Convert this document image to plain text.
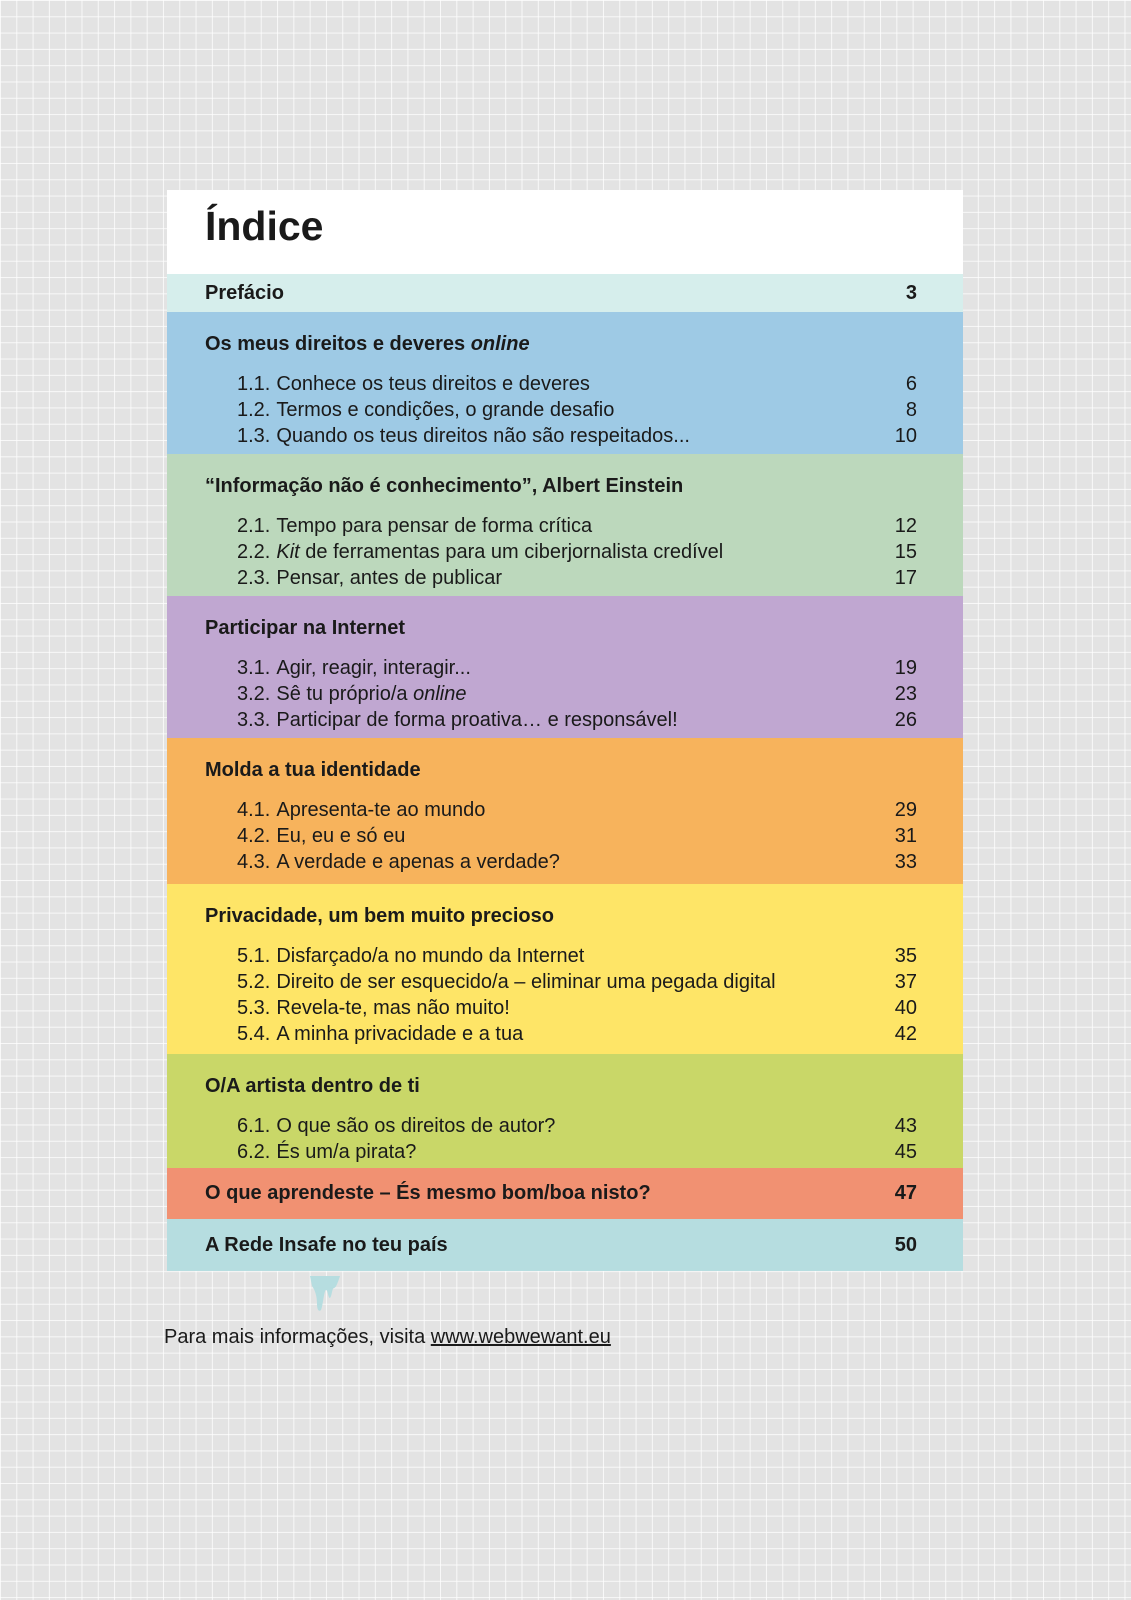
Índice
Prefácio	3
Os meus direitos e deveres online
1.1. Conhece os teus direitos e deveres	6
1.2. Termos e condições, o grande desafio	8
1.3. Quando os teus direitos não são respeitados...	10
“Informação não é conhecimento”, Albert Einstein
2.1. Tempo para pensar de forma crítica	12
2.2. Kit de ferramentas para um ciberjornalista credível	15
2.3. Pensar, antes de publicar	17
Participar na Internet
3.1. Agir, reagir, interagir...	19
3.2. Sê tu próprio/a online	23
3.3. Participar de forma proativa… e responsável!	26
Molda a tua identidade
4.1. Apresenta-te ao mundo	29
4.2. Eu, eu e só eu	31
4.3. A verdade e apenas a verdade?	33
Privacidade, um bem muito precioso
5.1. Disfarçado/a no mundo da Internet	35
5.2. Direito de ser esquecido/a – eliminar uma pegada digital	37
5.3. Revela-te, mas não muito!	40
5.4. A minha privacidade e a tua	42
O/A artista dentro de ti
6.1. O que são os direitos de autor?	43
6.2. És um/a pirata?	45
O que aprendeste – És mesmo bom/boa nisto?	47
A Rede Insafe no teu país	50
Para mais informações, visita www.webwewant.eu
